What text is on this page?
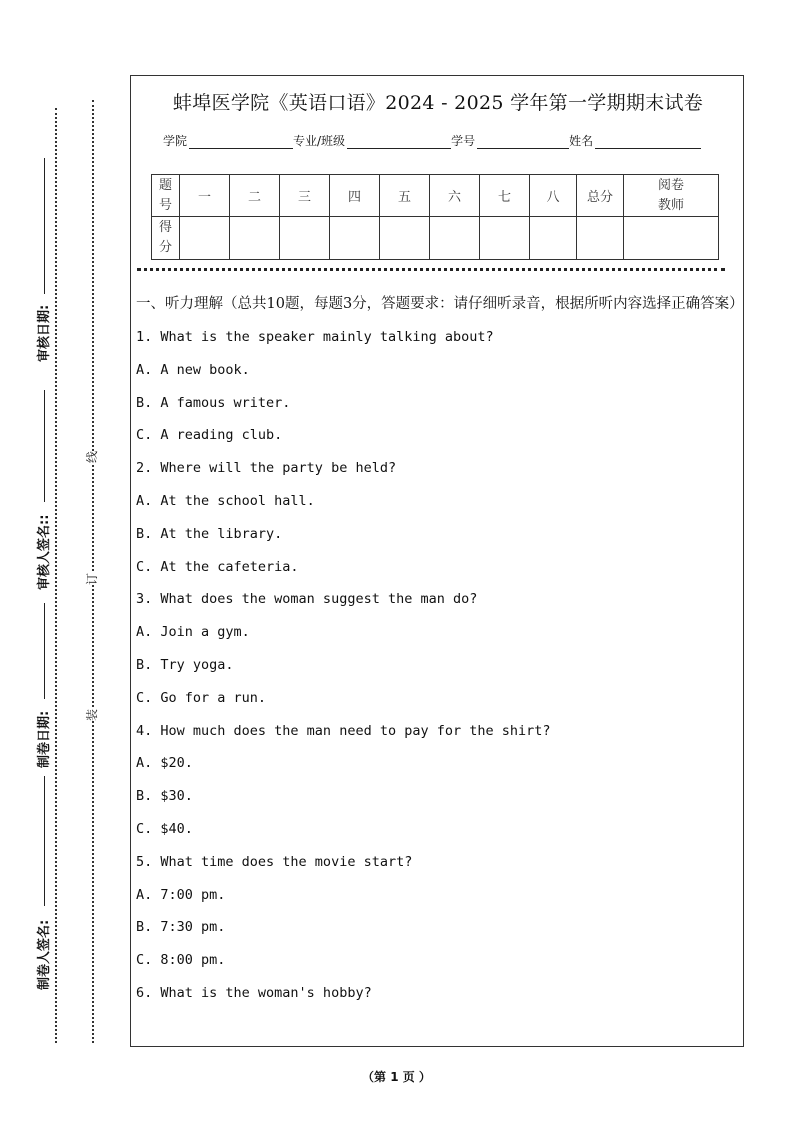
审核日期:
审核人签名::
制卷日期:
制卷人签名:
线
订
装
蚌埠医学院《英语口语》2024 - 2025 学年第一学期期末试卷
学院	专业/班级	学号	姓名
题号	一	二	三	四	五	六	七	八	总分	阅卷教师

得分										

一、听力理解（总共10题，每题3分，答题要求：请仔细听录音，根据所听内容选择正确答案）
1. What is the speaker mainly talking about?
A. A new book.
B. A famous writer.
C. A reading club.
2. Where will the party be held?
A. At the school hall.
B. At the library.
C. At the cafeteria.
3. What does the woman suggest the man do?
A. Join a gym.
B. Try yoga.
C. Go for a run.
4. How much does the man need to pay for the shirt?
A. $20.
B. $30.
C. $40.
5. What time does the movie start?
A. 7:00 pm.
B. 7:30 pm.
C. 8:00 pm.
6. What is the woman's hobby?
（第 1 页 ）
